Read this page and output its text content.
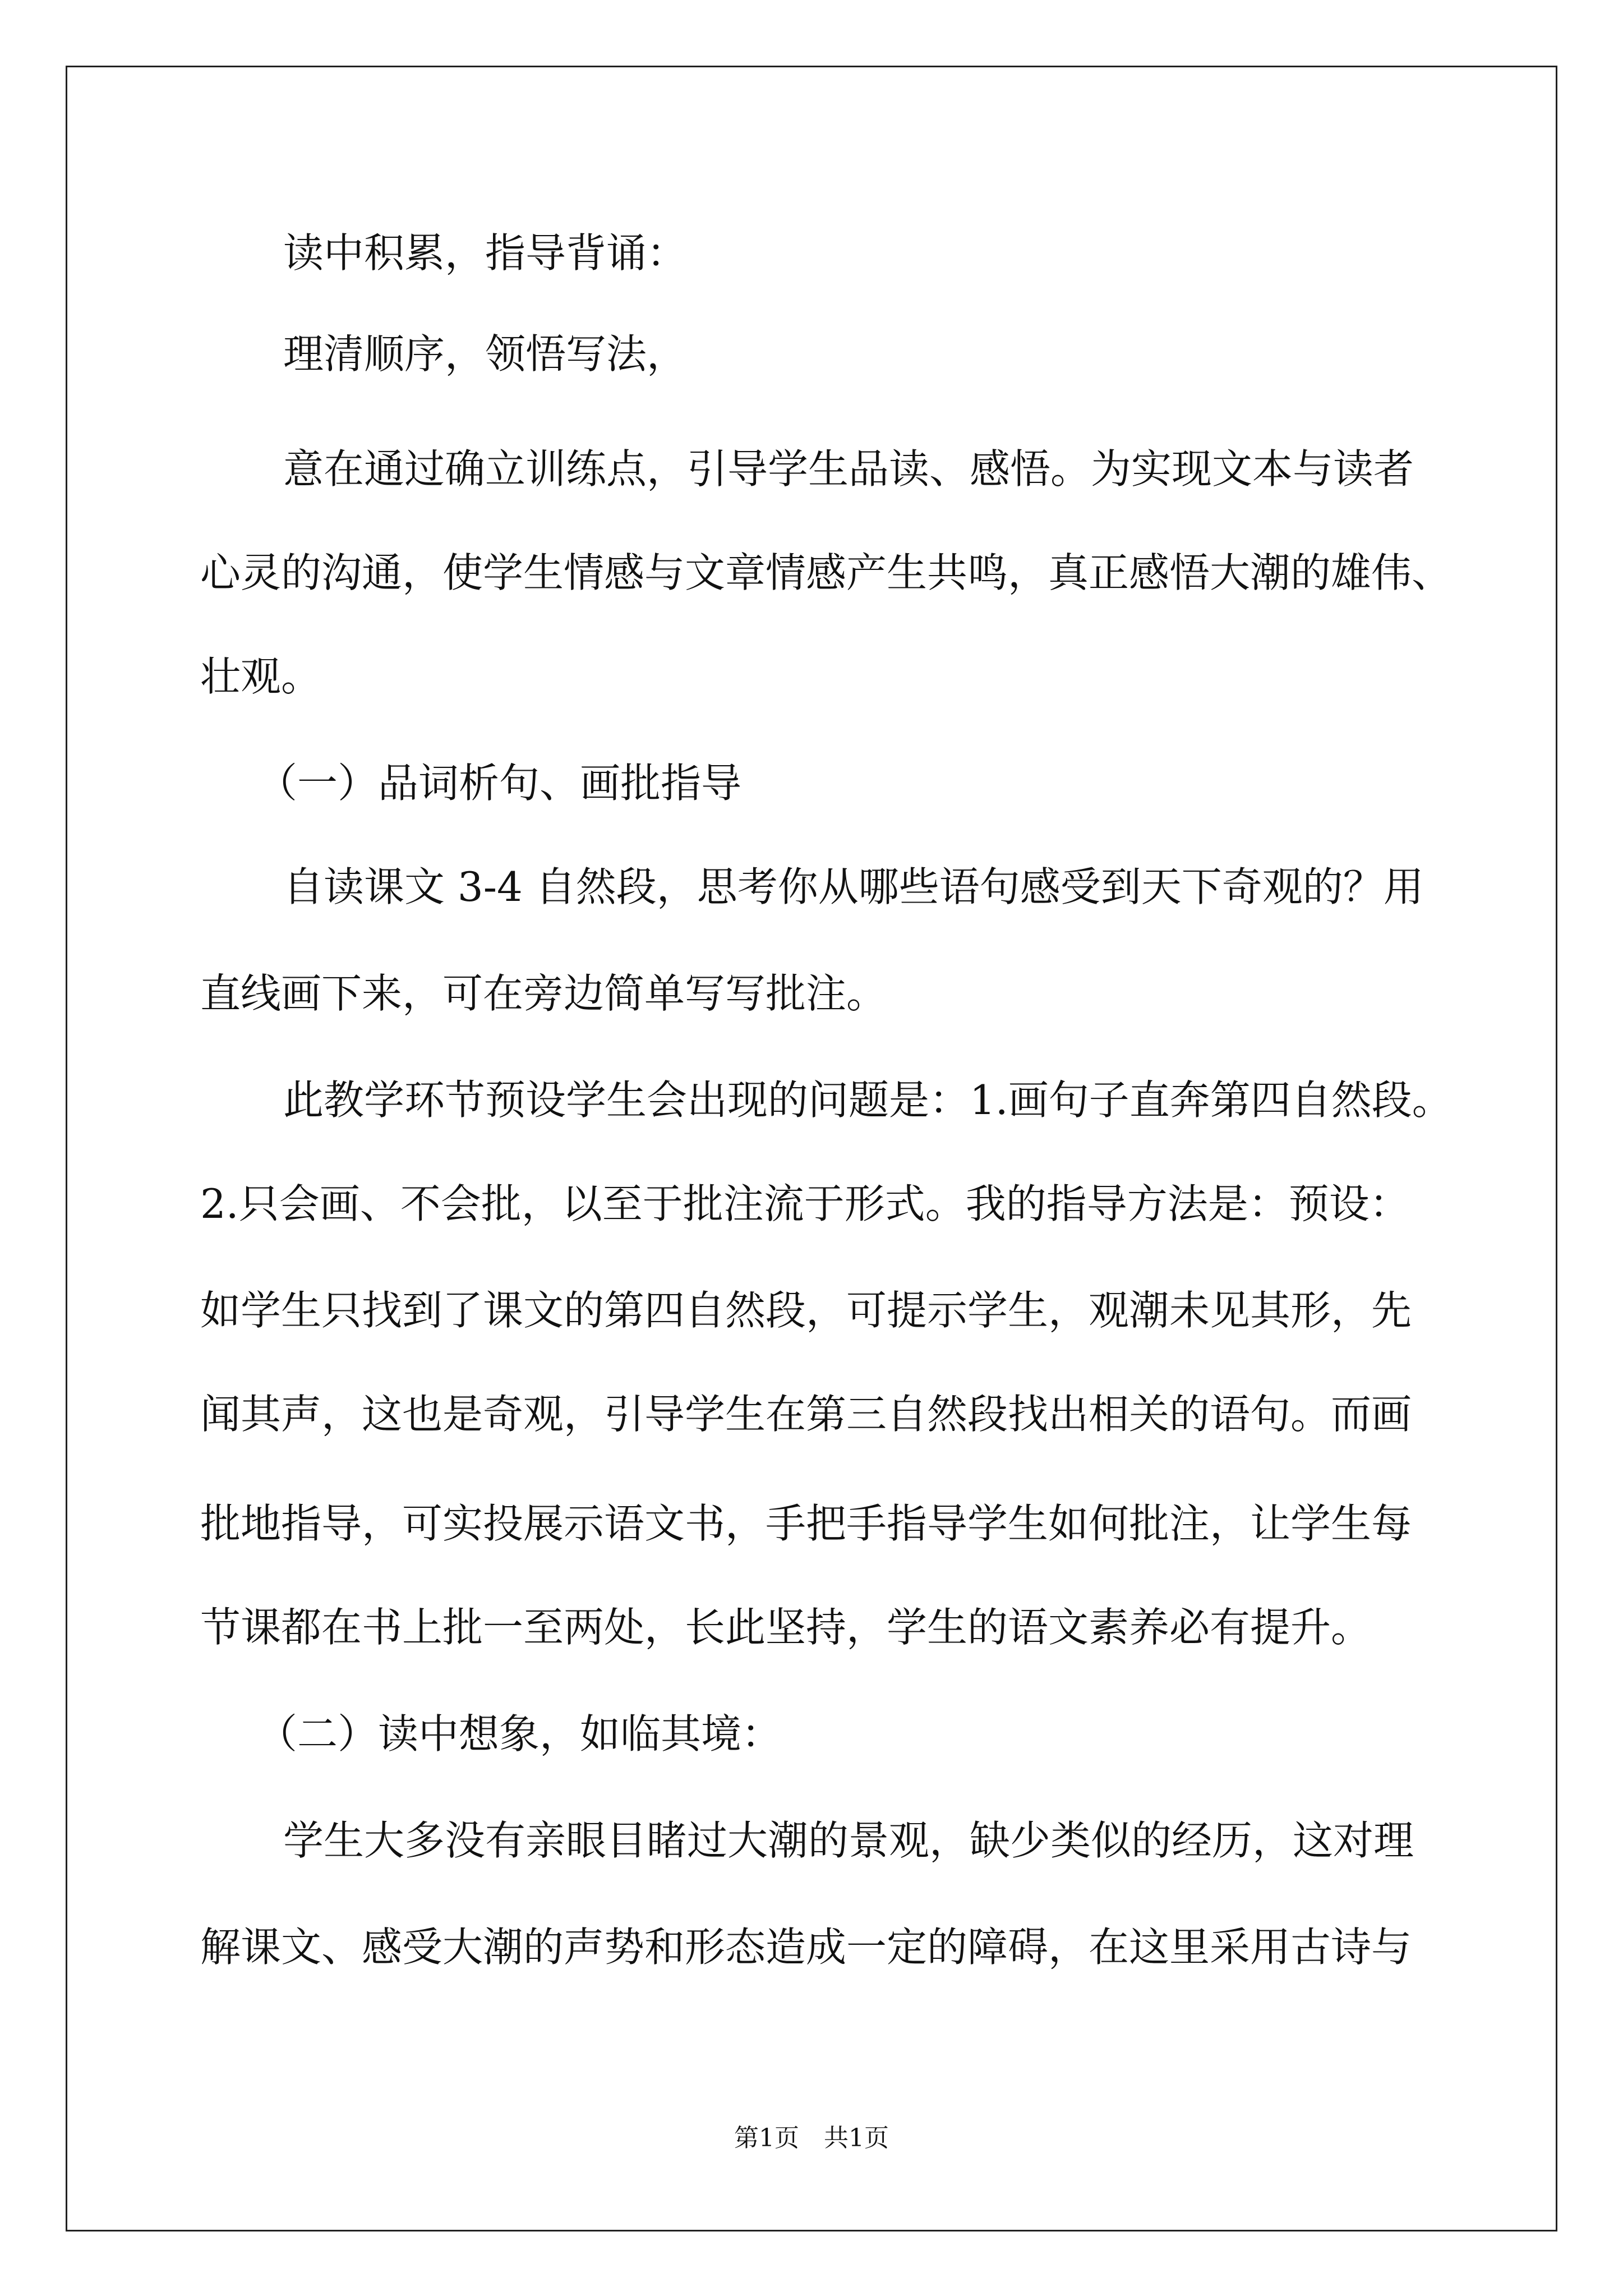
读中积累，指导背诵：
理清顺序，领悟写法，
意在通过确立训练点，引导学生品读、感悟。为实现文本与读者
心灵的沟通，使学生情感与文章情感产生共鸣，真正感悟大潮的雄伟、
壮观。
（一）品词析句、画批指导
自读课文 3-4 自然段，思考你从哪些语句感受到天下奇观的？用
直线画下来，可在旁边简单写写批注。
此教学环节预设学生会出现的问题是：1.画句子直奔第四自然段。
2.只会画、不会批，以至于批注流于形式。我的指导方法是：预设：
如学生只找到了课文的第四自然段，可提示学生，观潮未见其形，先
闻其声，这也是奇观，引导学生在第三自然段找出相关的语句。而画
批地指导，可实投展示语文书，手把手指导学生如何批注，让学生每
节课都在书上批一至两处，长此坚持，学生的语文素养必有提升。
（二）读中想象，如临其境：
学生大多没有亲眼目睹过大潮的景观，缺少类似的经历，这对理
解课文、感受大潮的声势和形态造成一定的障碍，在这里采用古诗与
第1页　共1页
